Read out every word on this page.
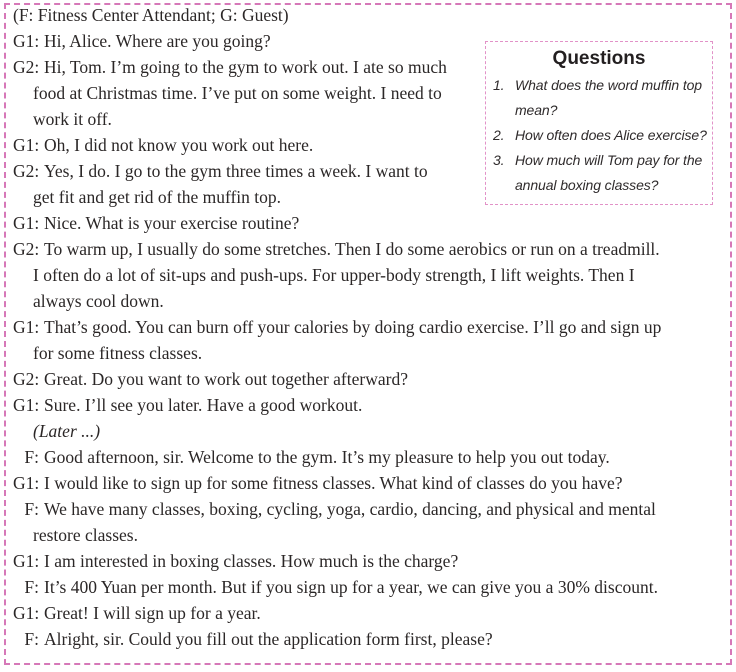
Questions
1. What does the word muffin top
mean?
2. How often does Alice exercise?
3. How much will Tom pay for the
annual boxing classes?
(F: Fitness Center Attendant; G: Guest)
G1: Hi, Alice. Where are you going?
G2: Hi, Tom. I’m going to the gym to work out. I ate so much
food at Christmas time. I’ve put on some weight. I need to
work it off.
G1: Oh, I did not know you work out here.
G2: Yes, I do. I go to the gym three times a week. I want to
get fit and get rid of the muffin top.
G1: Nice. What is your exercise routine?
G2: To warm up, I usually do some stretches. Then I do some aerobics or run on a treadmill.
I often do a lot of sit-ups and push-ups. For upper-body strength, I lift weights. Then I
always cool down.
G1: That’s good. You can burn off your calories by doing cardio exercise. I’ll go and sign up
for some fitness classes.
G2: Great. Do you want to work out together afterward?
G1: Sure. I’ll see you later. Have a good workout.
(Later ...)
F: Good afternoon, sir. Welcome to the gym. It’s my pleasure to help you out today.
G1: I would like to sign up for some fitness classes. What kind of classes do you have?
F: We have many classes, boxing, cycling, yoga, cardio, dancing, and physical and mental
restore classes.
G1: I am interested in boxing classes. How much is the charge?
F: It’s 400 Yuan per month. But if you sign up for a year, we can give you a 30% discount.
G1: Great! I will sign up for a year.
F: Alright, sir. Could you fill out the application form first, please?
